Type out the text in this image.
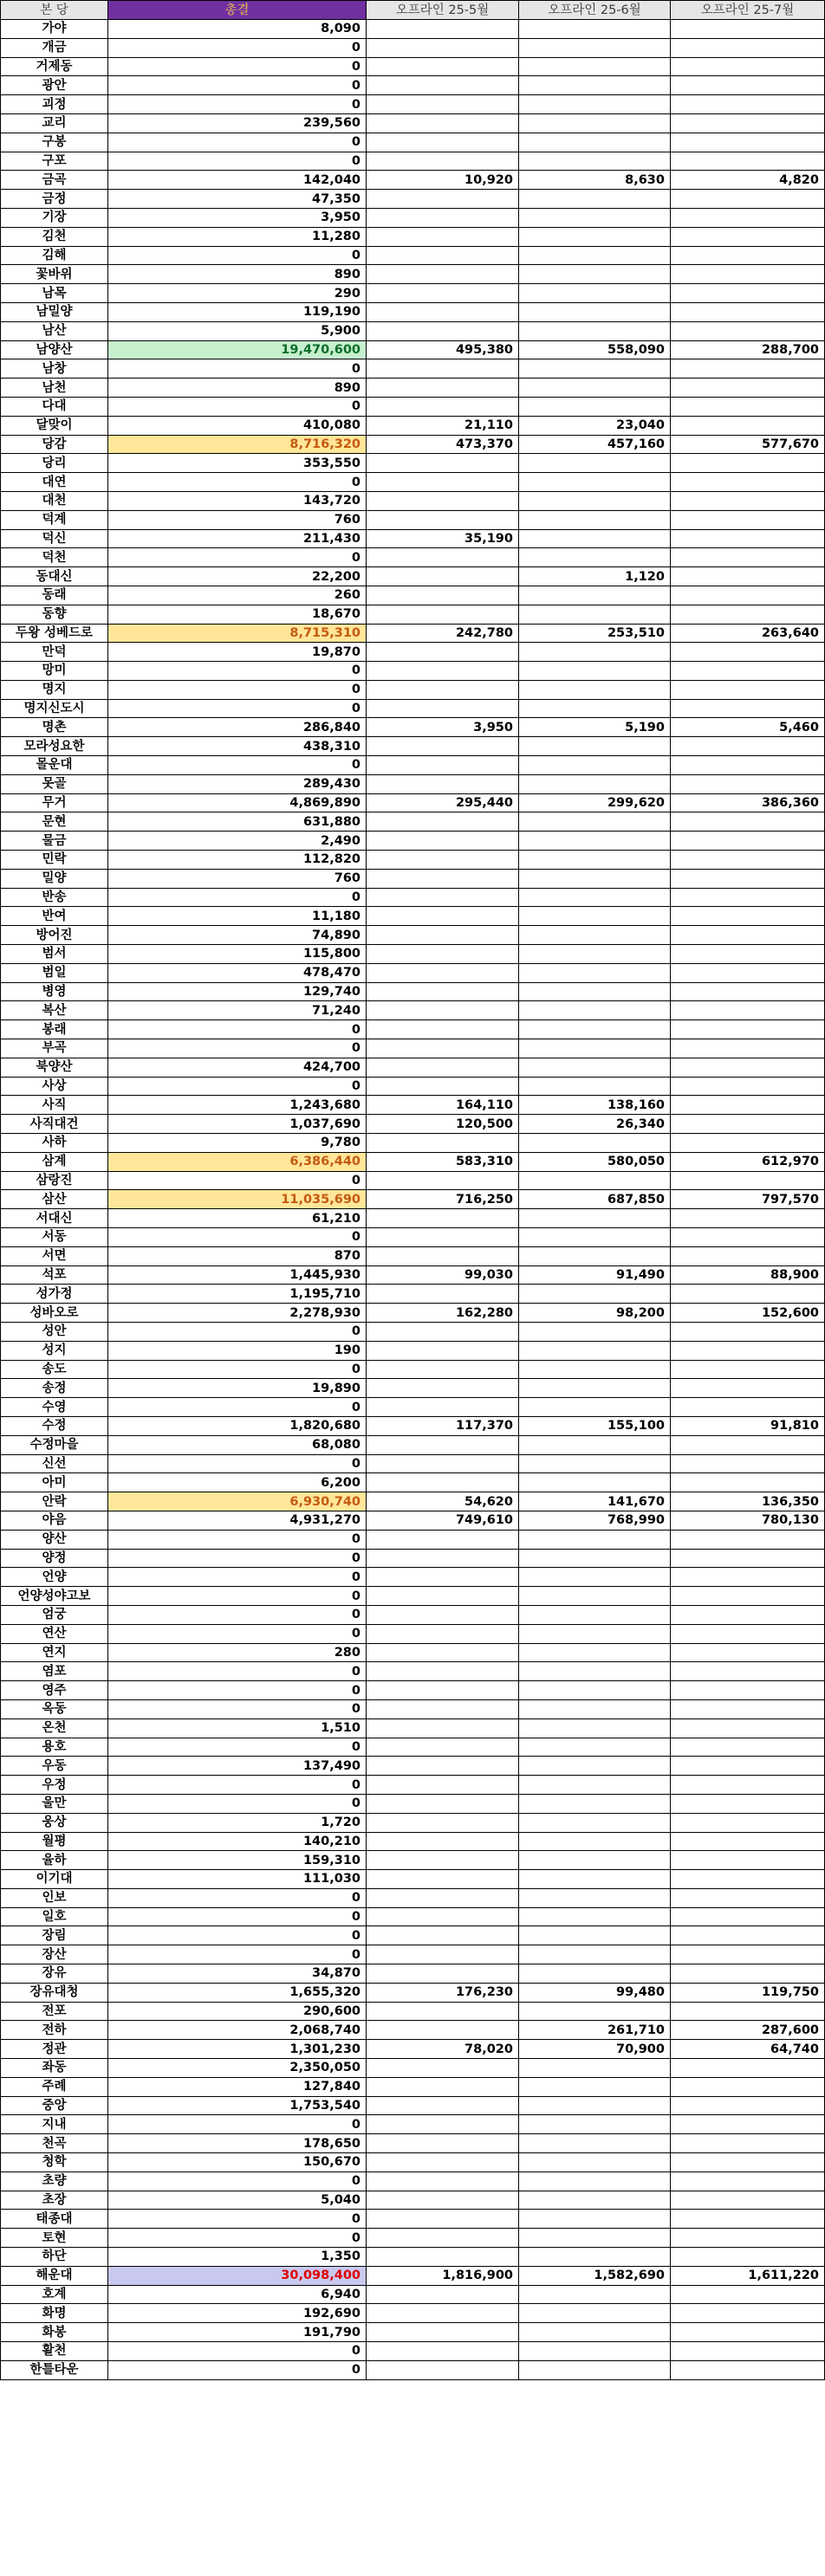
본 당	총결	오프라인 25-5월	오프라인 25-6월	오프라인 25-7월
가야	8,090			
개금	0			
거제동	0			
광안	0			
괴정	0			
교리	239,560			
구봉	0			
구포	0			
금곡	142,040	10,920	8,630	4,820
금정	47,350			
기장	3,950			
김천	11,280			
김해	0			
꽃바위	890			
남목	290			
남밀양	119,190			
남산	5,900			
남양산	19,470,600	495,380	558,090	288,700
남창	0			
남천	890			
다대	0			
달맞이	410,080	21,110	23,040	
당감	8,716,320	473,370	457,160	577,670
당리	353,550			
대연	0			
대천	143,720			
덕계	760			
덕신	211,430	35,190		
덕천	0			
동대신	22,200		1,120	
동래	260			
동향	18,670			
두왕 성베드로	8,715,310	242,780	253,510	263,640
만덕	19,870			
망미	0			
명지	0			
명지신도시	0			
명촌	286,840	3,950	5,190	5,460
모라성요한	438,310			
몰운대	0			
못골	289,430			
무거	4,869,890	295,440	299,620	386,360
문현	631,880			
물금	2,490			
민락	112,820			
밀양	760			
반송	0			
반여	11,180			
방어진	74,890			
범서	115,800			
범일	478,470			
병영	129,740			
복산	71,240			
봉래	0			
부곡	0			
북양산	424,700			
사상	0			
사직	1,243,680	164,110	138,160	
사직대건	1,037,690	120,500	26,340	
사하	9,780			
삼계	6,386,440	583,310	580,050	612,970
삼랑진	0			
삼산	11,035,690	716,250	687,850	797,570
서대신	61,210			
서동	0			
서면	870			
석포	1,445,930	99,030	91,490	88,900
성가정	1,195,710			
성바오로	2,278,930	162,280	98,200	152,600
성안	0			
성지	190			
송도	0			
송정	19,890			
수영	0			
수정	1,820,680	117,370	155,100	91,810
수정마을	68,080			
신선	0			
아미	6,200			
안락	6,930,740	54,620	141,670	136,350
야음	4,931,270	749,610	768,990	780,130
양산	0			
양정	0			
언양	0			
언양성야고보	0			
엄궁	0			
연산	0			
연지	280			
염포	0			
영주	0			
옥동	0			
온천	1,510			
용호	0			
우동	137,490			
우정	0			
울만	0			
웅상	1,720			
월평	140,210			
율하	159,310			
이기대	111,030			
인보	0			
일호	0			
장림	0			
장산	0			
장유	34,870			
장유대청	1,655,320	176,230	99,480	119,750
전포	290,600			
전하	2,068,740		261,710	287,600
정관	1,301,230	78,020	70,900	64,740
좌동	2,350,050			
주례	127,840			
중앙	1,753,540			
지내	0			
천곡	178,650			
청학	150,670			
초량	0			
초장	5,040			
태종대	0			
토현	0			
하단	1,350			
해운대	30,098,400	1,816,900	1,582,690	1,611,220
호계	6,940			
화명	192,690			
화봉	191,790			
활천	0			
한틀타운	0			
